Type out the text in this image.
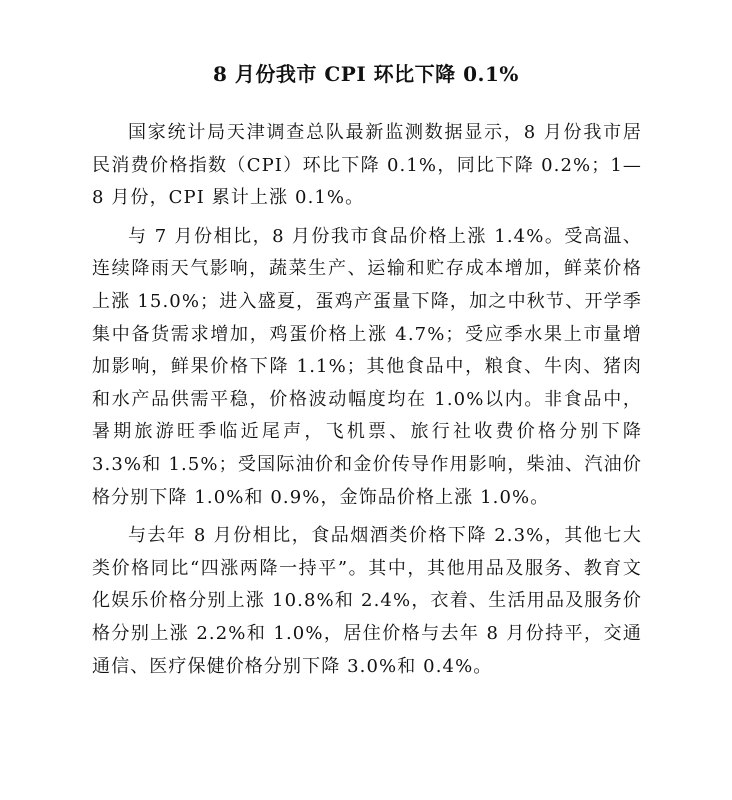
8 月份我市 CPI 环比下降 0.1%

国家统计局天津调查总队最新监测数据显示，8 月份我市居民消费价格指数（CPI）环比下降 0.1%，同比下降 0.2%；1—8 月份，CPI 累计上涨 0.1%。

与 7 月份相比，8 月份我市食品价格上涨 1.4%。受高温、连续降雨天气影响，蔬菜生产、运输和贮存成本增加，鲜菜价格上涨 15.0%；进入盛夏，蛋鸡产蛋量下降，加之中秋节、开学季集中备货需求增加，鸡蛋价格上涨 4.7%；受应季水果上市量增加影响，鲜果价格下降 1.1%；其他食品中，粮食、牛肉、猪肉和水产品供需平稳，价格波动幅度均在 1.0%以内。非食品中，暑期旅游旺季临近尾声，飞机票、旅行社收费价格分别下降 3.3%和 1.5%；受国际油价和金价传导作用影响，柴油、汽油价格分别下降 1.0%和 0.9%，金饰品价格上涨 1.0%。

与去年 8 月份相比，食品烟酒类价格下降 2.3%，其他七大类价格同比“四涨两降一持平”。其中，其他用品及服务、教育文化娱乐价格分别上涨 10.8%和 2.4%，衣着、生活用品及服务价格分别上涨 2.2%和 1.0%，居住价格与去年 8 月份持平，交通通信、医疗保健价格分别下降 3.0%和 0.4%。
